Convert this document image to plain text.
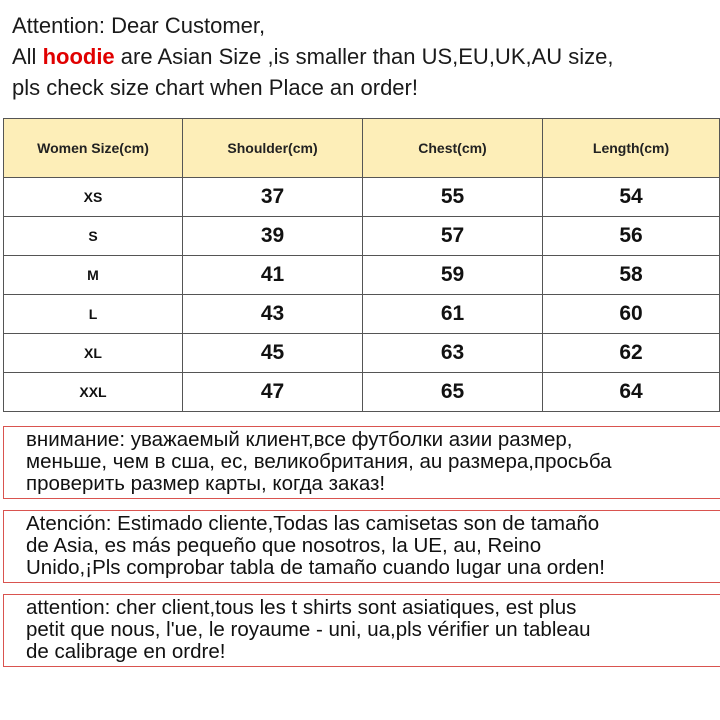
Attention: Dear Customer,
All hoodie are Asian Size ,is smaller than US,EU,UK,AU size,
pls check size chart when Place an order!
Women Size(cm)	Shoulder(cm)	Chest(cm)	Length(cm)
XS	37	55	54
S	39	57	56
M	41	59	58
L	43	61	60
XL	45	63	62
XXL	47	65	64
внимание: уважаемый клиент,все футболки азии размер,
меньше, чем в сша, ес, великобритания, au размера,просьба
проверить размер карты, когда заказ!
Atención: Estimado cliente,Todas las camisetas son de tamaño
de Asia, es más pequeño que nosotros, la UE, au, Reino
Unido,¡Pls comprobar tabla de tamaño cuando lugar una orden!
attention: cher client,tous les t shirts sont asiatiques, est plus
petit que nous, l'ue, le royaume - uni, ua,pls vérifier un tableau
de calibrage en ordre!
